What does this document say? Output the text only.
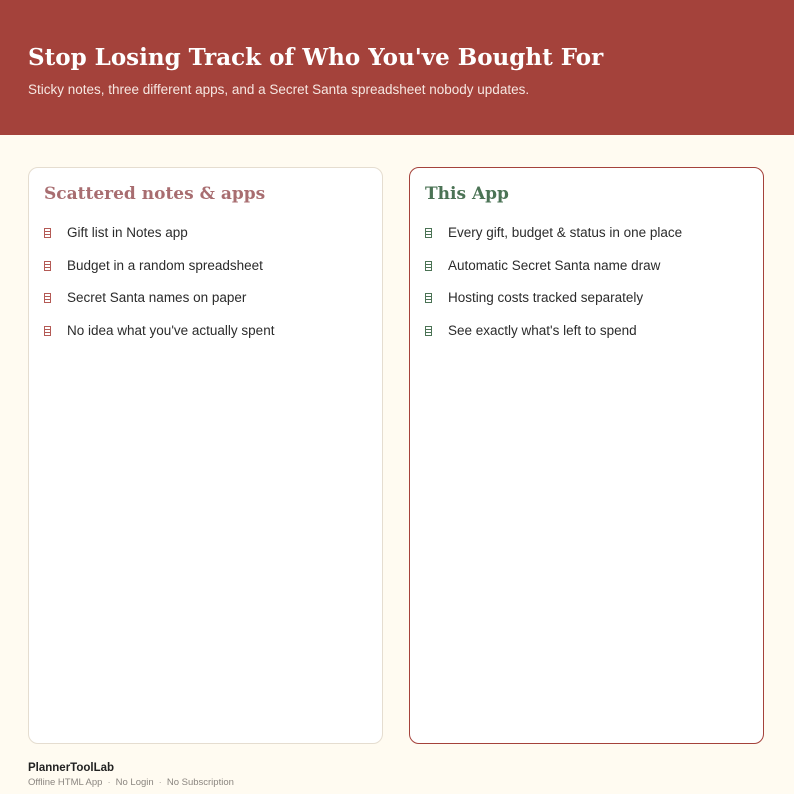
Stop Losing Track of Who You've Bought For

Sticky notes, three different apps, and a Secret Santa spreadsheet nobody updates.

Scattered notes & apps
Gift list in Notes app
Budget in a random spreadsheet
Secret Santa names on paper
No idea what you've actually spent
This App
Every gift, budget & status in one place
Automatic Secret Santa name draw
Hosting costs tracked separately
See exactly what's left to spend

PlannerToolLab

Offline HTML App · No Login · No Subscription
